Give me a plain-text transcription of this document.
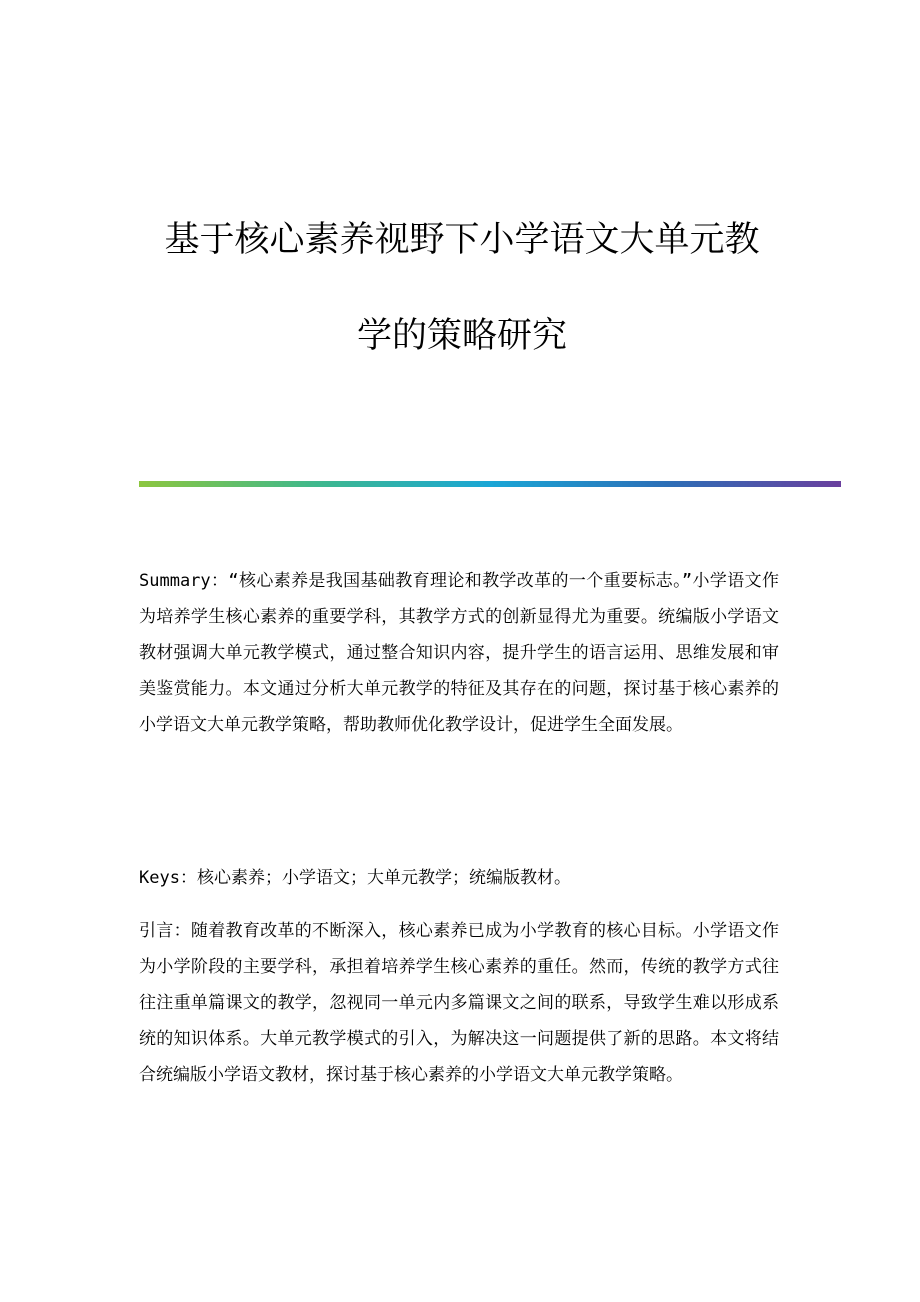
基于核心素养视野下小学语文大单元教
学的策略研究

Summary：“核心素养是我国基础教育理论和教学改革的一个重要标志。”小学语文作为培养学生核心素养的重要学科，其教学方式的创新显得尤为重要。统编版小学语文教材强调大单元教学模式，通过整合知识内容，提升学生的语言运用、思维发展和审美鉴赏能力。本文通过分析大单元教学的特征及其存在的问题，探讨基于核心素养的小学语文大单元教学策略，帮助教师优化教学设计，促进学生全面发展。

Keys：核心素养；小学语文；大单元教学；统编版教材。

引言：随着教育改革的不断深入，核心素养已成为小学教育的核心目标。小学语文作为小学阶段的主要学科，承担着培养学生核心素养的重任。然而，传统的教学方式往往注重单篇课文的教学，忽视同一单元内多篇课文之间的联系，导致学生难以形成系统的知识体系。大单元教学模式的引入，为解决这一问题提供了新的思路。本文将结合统编版小学语文教材，探讨基于核心素养的小学语文大单元教学策略。
